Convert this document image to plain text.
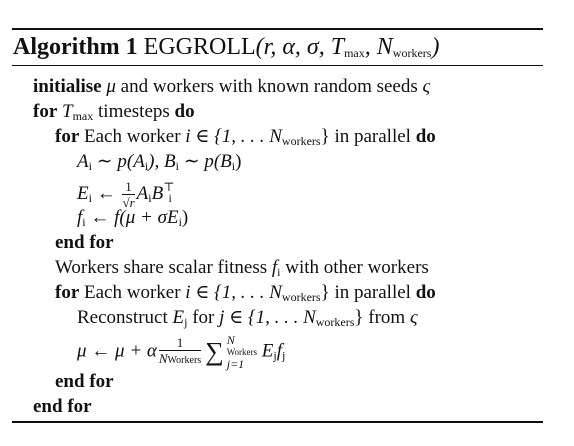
Algorithm 1 EGGROLL(r, α, σ, $T_{max}$, $N_{workers}$)
initialise μ and workers with known random seeds ς
for $T_{max}$ timesteps do
for Each worker i ∈ {1, . . . $N_{workers}$} in parallel do
$A_i$ ∼ $p(A_i)$, $B_i$ ∼ $p(B_i)$
$E_i$ ← $\frac{1}{√r} A_iB^⊤_i$
$f_i$ ← $f(\mu + \sigma E_i)$
end for
Workers share scalar fitness $f_i$ with other workers
for Each worker i ∈ {1, . . . $N_{workers}$} in parallel do
Reconstruct $E_j$ for j ∈ {1, . . . $N_{workers}$} from ς
μ ← μ + α $\frac{1}{\text{NWorkers}}$ ∑ N
Workers
j=1
$E_jf_j$
end for
end for
